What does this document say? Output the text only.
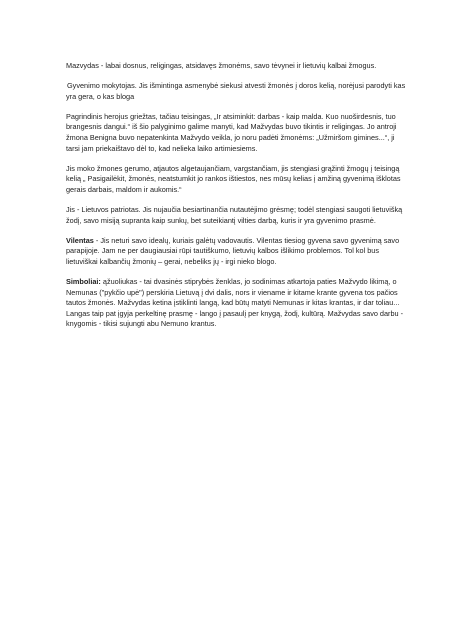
Mazvydas - labai dosnus, religingas, atsidavęs žmonėms, savo tėvynei ir lietuvių kalbai žmogus.

Gyvenimo mokytojas. Jis išmintinga asmenybė siekusi atvesti žmonės į doros kelią, norėjusi parodyti kas yra gera, o kas bloga

Pagrindinis herojus griežtas, tačiau teisingas, „Ir atsiminkit: darbas - kaip malda. Kuo nuoširdesnis, tuo brangesnis dangui.“ iš šio palyginimo galime manyti, kad Mažvydas buvo tikintis ir religingas. Jo antroji žmona Benigna buvo nepatenkinta Mažvydo veikla, jo noru padėti žmonėms: „Užmiršom gimines...“, ji tarsi jam priekaištavo dėl to, kad nelieka laiko artimiesiems.

Jis moko žmones gerumo, atjautos algetaujančiam, vargstančiam, jis stengiasi grąžinti žmogų į teisingą kelią „ Pasigailėkit, žmonės, neatstumkit jo rankos ištiestos, nes mūsų kelias į amžiną gyvenimą išklotas gerais darbais, maldom ir aukomis.“

Jis - Lietuvos patriotas. Jis nujaučia besiartinančia nutautėjimo grėsmę; todėl stengiasi saugoti lietuvišką žodį, savo misiją supranta kaip sunkų, bet suteikiantį vilties darbą, kuris ir yra gyvenimo prasmė.

Vilentas - Jis neturi savo idealų, kuriais galėtų vadovautis. Vilentas tiesiog gyvena savo gyvenimą savo parapijoje. Jam ne per daugiausiai rūpi tautiškumo, lietuvių kalbos išlikimo problemos. Tol kol bus lietuviškai kalbančių žmonių – gerai, nebeliks jų - irgi niekо blogo.

Simboliai: ąžuoliukas - tai dvasinės stiprybės ženklas, jo sodinimas atkartoja paties Mažvydo likimą, o Nemunas ("pykčio upė") perskiria Lietuvą į dvi dalis, nors ir viename ir kitame krante gyvena tos pačios tautos žmonės. Mažvydas ketina įstiklinti langą, kad būtų matyti Nemunas ir kitas krantas, ir dar toliau... Langas taip pat įgyja perkeltinę prasmę - lango į pasaulį per knygą, žodį, kultūrą. Mažvydas savo darbu - knygomis - tikisi sujungti abu Nemuno krantus.
